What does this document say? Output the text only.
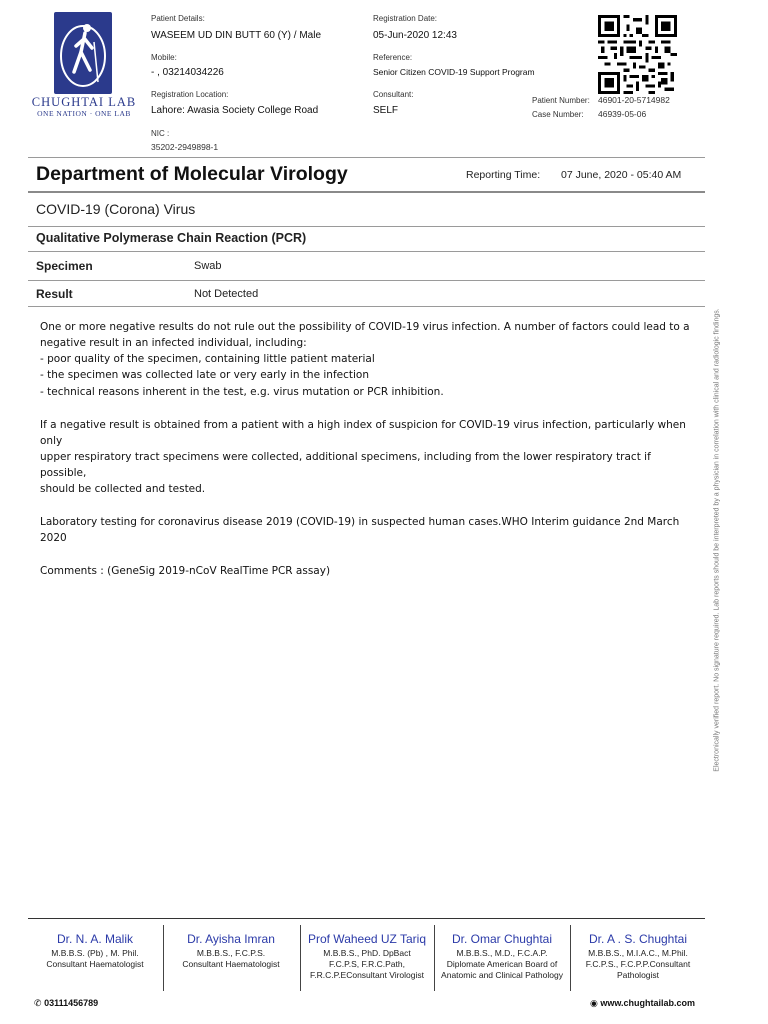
CHUGHTAI LAB
ONE NATION · ONE LAB
Patient Details:
WASEEM UD DIN BUTT 60 (Y) / Male
Mobile:
- , 03214034226
Registration Location:
Lahore: Awasia Society College Road
NIC :
35202-2949898-1
Registration Date:
05-Jun-2020 12:43
Reference:
Senior Citizen COVID-19 Support Program
Consultant:
SELF
Patient Number: 46901-20-5714982
Case Number: 46939-05-06
Department of Molecular Virology	Reporting Time: 07 June, 2020 - 05:40 AM
COVID-19 (Corona) Virus
Qualitative Polymerase Chain Reaction (PCR)
Specimen	Swab
Result	Not Detected

One or more negative results do not rule out the possibility of COVID-19 virus infection. A number of factors could lead to a

negative result in an infected individual, including:

- poor quality of the specimen, containing little patient material

- the specimen was collected late or very early in the infection

- technical reasons inherent in the test, e.g. virus mutation or PCR inhibition.

If a negative result is obtained from a patient with a high index of suspicion for COVID-19 virus infection, particularly when only

upper respiratory tract specimens were collected, additional specimens, including from the lower respiratory tract if possible,

should be collected and tested.

Laboratory testing for coronavirus disease 2019 (COVID-19) in suspected human cases.WHO Interim guidance 2nd March 2020

Comments : (GeneSig 2019-nCoV RealTime PCR assay)	Electronically verified report. No signature required. Lab reports should be interpreted by a physician in correlation with clinical and radiologic findings.
Dr. N. A. Malik
M.B.B.S. (Pb) , M. Phil.
Consultant Haematologist
Dr. Ayisha Imran
M.B.B.S., F.C.P.S.
Consultant Haematologist
Prof Waheed UZ Tariq
M.B.B.S., PhD. DpBact
F.C.P.S, F.R.C.Path,
F.R.C.P.EConsultant Virologist
Dr. Omar Chughtai
M.B.B.S., M.D., F.C.A.P.
Diplomate American Board of
Anatomic and Clinical Pathology
Dr. A . S. Chughtai
M.B.B.S., M.I.A.C., M.Phil.
F.C.P.S., F.C.P.P.Consultant
Pathologist
✆ 03111456789	◉ www.chughtailab.com
